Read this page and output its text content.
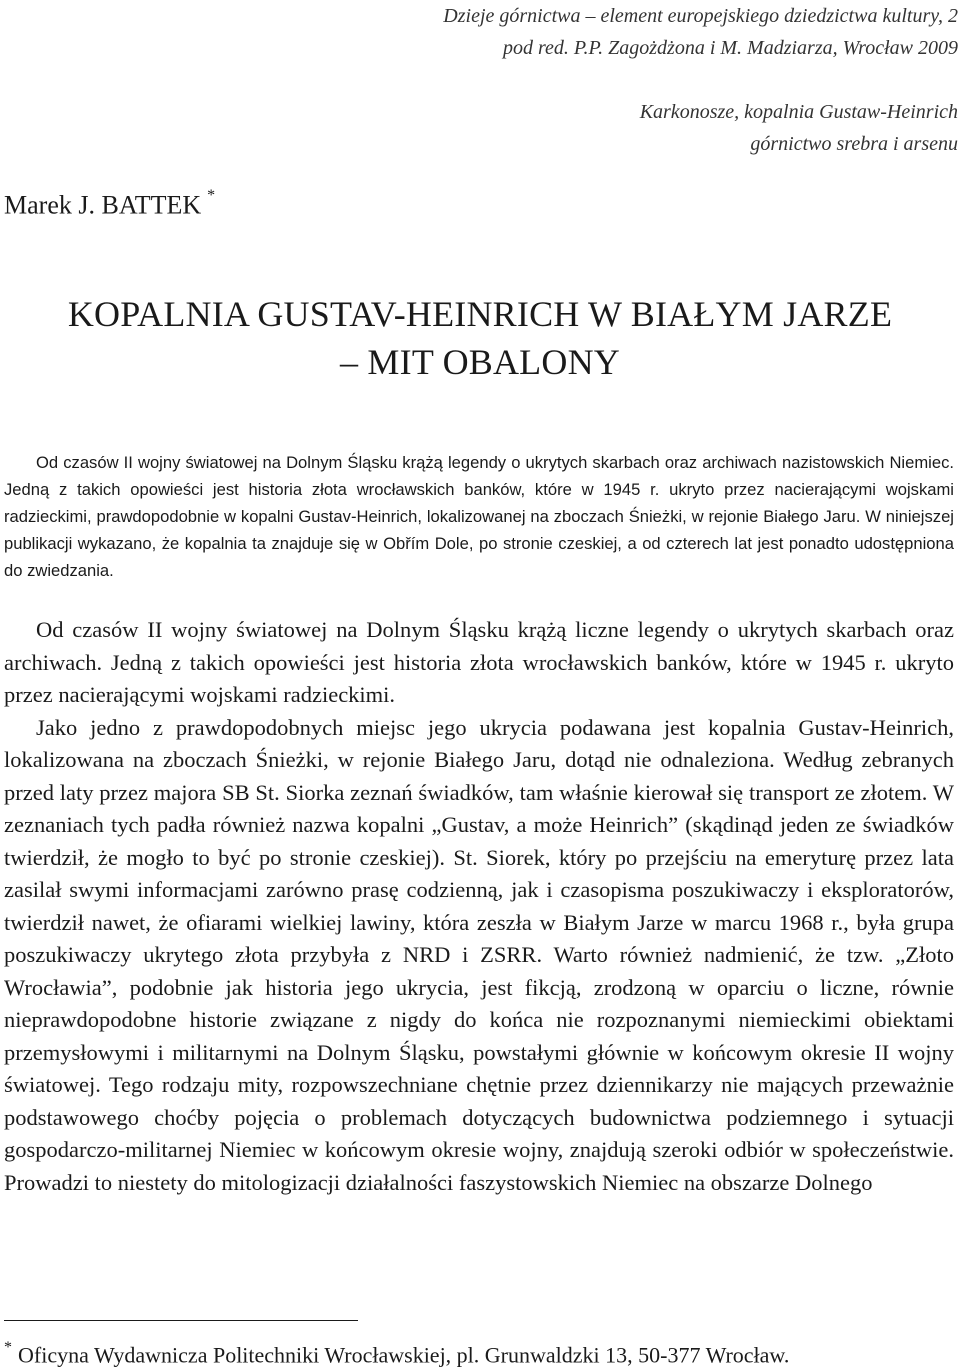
Dzieje górnictwa – element europejskiego dziedzictwa kultury, 2
pod red. P.P. Zagożdżona i M. Madziarza, Wrocław 2009
Karkonosze, kopalnia Gustaw-Heinrich
górnictwo srebra i arsenu
Marek J. BATTEK *
KOPALNIA GUSTAV-HEINRICH W BIAŁYM JARZE
– MIT OBALONY

Od czasów II wojny światowej na Dolnym Śląsku krążą legendy o ukrytych skarbach oraz archiwach nazistowskich Niemiec. Jedną z takich opowieści jest historia złota wrocławskich banków, które w 1945 r. ukryto przez nacierającymi wojskami radzieckimi, prawdopodobnie w kopalni Gustav-Heinrich, lokalizowanej na zboczach Śnieżki, w rejonie Białego Jaru. W niniejszej publikacji wykazano, że kopalnia ta znajduje się w Obřím Dole, po stronie czeskiej, a od czterech lat jest ponadto udostępniona do zwiedzania.

Od czasów II wojny światowej na Dolnym Śląsku krążą liczne legendy o ukrytych skarbach oraz archiwach. Jedną z takich opowieści jest historia złota wrocławskich banków, które w 1945 r. ukryto przez nacierającymi wojskami radzieckimi.

Jako jedno z prawdopodobnych miejsc jego ukrycia podawana jest kopalnia Gustav-Heinrich, lokalizowana na zboczach Śnieżki, w rejonie Białego Jaru, dotąd nie odnaleziona. Według zebranych przed laty przez majora SB St. Siorka zeznań świadków, tam właśnie kierował się transport ze złotem. W zeznaniach tych padła również nazwa kopalni „Gustav, a może Heinrich” (skądinąd jeden ze świadków twierdził, że mogło to być po stronie czeskiej). St. Siorek, który po przejściu na emeryturę przez lata zasilał swymi informacjami zarówno prasę codzienną, jak i czasopisma poszukiwaczy i eksploratorów, twierdził nawet, że ofiarami wielkiej lawiny, która zeszła w Białym Jarze w marcu 1968 r., była grupa poszukiwaczy ukrytego złota przybyła z NRD i ZSRR. Warto również nadmienić, że tzw. „Złoto Wrocławia”, podobnie jak historia jego ukrycia, jest fikcją, zrodzoną w oparciu o liczne, równie nieprawdopodobne historie związane z nigdy do końca nie rozpoznanymi niemieckimi obiektami przemysłowymi i militarnymi na Dolnym Śląsku, powstałymi głównie w końcowym okresie II wojny światowej. Tego rodzaju mity, rozpowszechniane chętnie przez dziennikarzy nie mających przeważnie podstawowego choćby pojęcia o problemach dotyczących budownictwa podziemnego i sytuacji gospodarczo-militarnej Niemiec w końcowym okresie wojny, znajdują szeroki odbiór w społeczeństwie. Prowadzi to niestety do mitologizacji działalności faszystowskich Niemiec na obszarze Dolnego

* Oficyna Wydawnicza Politechniki Wrocławskiej, pl. Grunwaldzki 13, 50-377 Wrocław.
